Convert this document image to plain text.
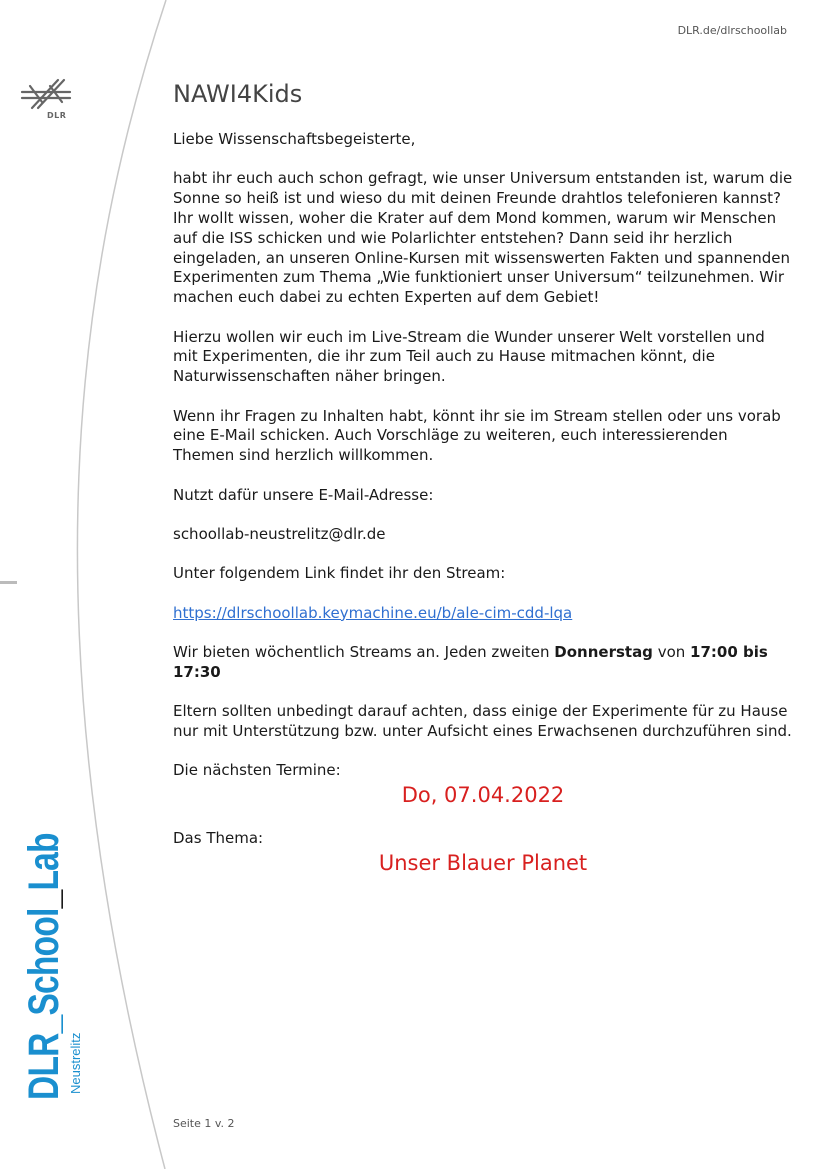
DLR.de/dlrschoollab
DLR
DLR_School_Lab
Neustrelitz
NAWI4Kids

Liebe Wissenschaftsbegeisterte,

habt ihr euch auch schon gefragt, wie unser Universum entstanden ist, warum die Sonne so heiß ist und wieso du mit deinen Freunde drahtlos telefonieren kannst? Ihr wollt wissen, woher die Krater auf dem Mond kommen, warum wir Menschen auf die ISS schicken und wie Polarlichter entstehen? Dann seid ihr herzlich eingeladen, an unseren Online-Kursen mit wissenswerten Fakten und spannenden Experimenten zum Thema „Wie funktioniert unser Universum“ teilzunehmen. Wir machen euch dabei zu echten Experten auf dem Gebiet!

Hierzu wollen wir euch im Live-Stream die Wunder unserer Welt vorstellen und mit Experimenten, die ihr zum Teil auch zu Hause mitmachen könnt, die Naturwissenschaften näher bringen.

Wenn ihr Fragen zu Inhalten habt, könnt ihr sie im Stream stellen oder uns vorab eine E-Mail schicken. Auch Vorschläge zu weiteren, euch interessierenden Themen sind herzlich willkommen.

Nutzt dafür unsere E-Mail-Adresse:

schoollab-neustrelitz@dlr.de

Unter folgendem Link findet ihr den Stream:

https://dlrschoollab.keymachine.eu/b/ale-cim-cdd-lqa

Wir bieten wöchentlich Streams an. Jeden zweiten Donnerstag von 17:00 bis 17:30

Eltern sollten unbedingt darauf achten, dass einige der Experimente für zu Hause nur mit Unterstützung bzw. unter Aufsicht eines Erwachsenen durchzuführen sind.

Die nächsten Termine:

Do, 07.04.2022

Das Thema:

Unser Blauer Planet

Seite 1 v. 2
